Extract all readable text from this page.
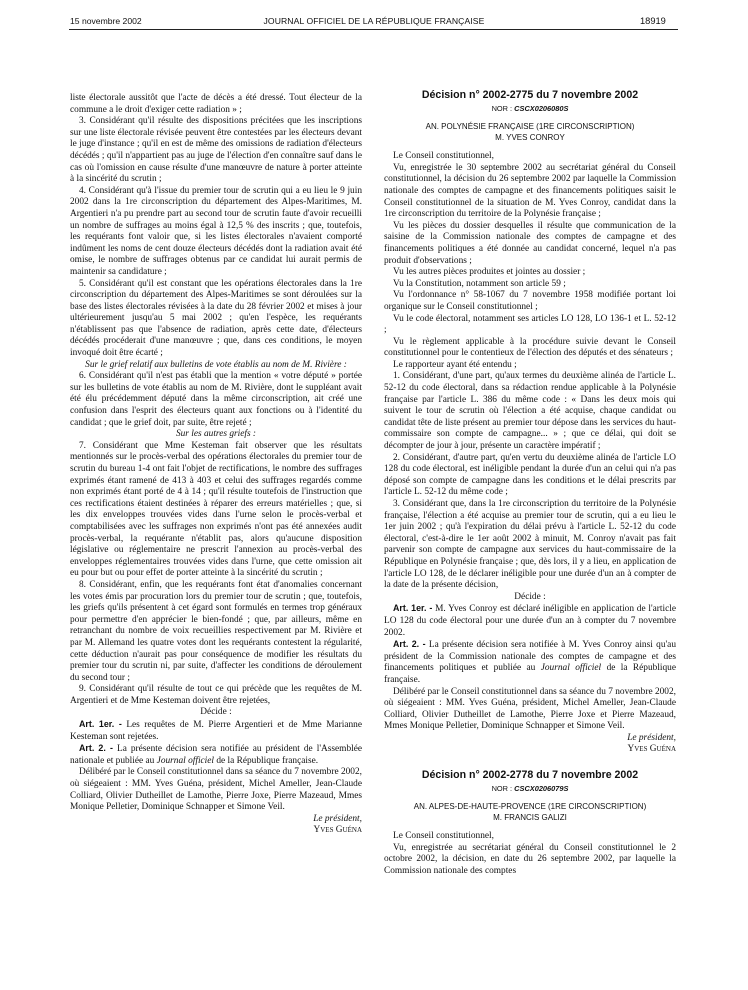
15 novembre 2002	JOURNAL OFFICIEL DE LA RÉPUBLIQUE FRANÇAISE	18919

liste électorale aussitôt que l'acte de décès a été dressé. Tout électeur de la commune a le droit d'exiger cette radiation » ;

3. Considérant qu'il résulte des dispositions précitées que les inscriptions sur une liste électorale révisée peuvent être contestées par les électeurs devant le juge d'instance ; qu'il en est de même des omissions de radiation d'électeurs décédés ; qu'il n'appartient pas au juge de l'élection d'en connaître sauf dans le cas où l'omission en cause résulte d'une manœuvre de nature à porter atteinte à la sincérité du scrutin ;

4. Considérant qu'à l'issue du premier tour de scrutin qui a eu lieu le 9 juin 2002 dans la 1re circonscription du département des Alpes-Maritimes, M. Argentieri n'a pu prendre part au second tour de scrutin faute d'avoir recueilli un nombre de suffrages au moins égal à 12,5 % des inscrits ; que, toutefois, les requérants font valoir que, si les listes électorales n'avaient comporté indûment les noms de cent douze électeurs décédés dont la radiation avait été omise, le nombre de suffrages obtenus par ce candidat lui aurait permis de maintenir sa candidature ;

5. Considérant qu'il est constant que les opérations électorales dans la 1re circonscription du département des Alpes-Maritimes se sont déroulées sur la base des listes électorales révisées à la date du 28 février 2002 et mises à jour ultérieurement jusqu'au 5 mai 2002 ; qu'en l'espèce, les requérants n'établissent pas que l'absence de radiation, après cette date, d'électeurs décédés procéderait d'une manœuvre ; que, dans ces conditions, le moyen invoqué doit être écarté ;

Sur le grief relatif aux bulletins de vote établis au nom de M. Rivière :

6. Considérant qu'il n'est pas établi que la mention « votre député » portée sur les bulletins de vote établis au nom de M. Rivière, dont le suppléant avait été élu précédemment député dans la même circonscription, ait créé une confusion dans l'esprit des électeurs quant aux fonctions ou à l'identité du candidat ; que le grief doit, par suite, être rejeté ;

Sur les autres griefs :

7. Considérant que Mme Kesteman fait observer que les résultats mentionnés sur le procès-verbal des opérations électorales du premier tour de scrutin du bureau 1-4 ont fait l'objet de rectifications, le nombre des suffrages exprimés étant ramené de 413 à 403 et celui des suffrages regardés comme non exprimés étant porté de 4 à 14 ; qu'il résulte toutefois de l'instruction que ces rectifications étaient destinées à réparer des erreurs matérielles ; que, si les dix enveloppes trouvées vides dans l'urne selon le procès-verbal et comptabilisées avec les suffrages non exprimés n'ont pas été annexées audit procès-verbal, la requérante n'établit pas, alors qu'aucune disposition législative ou réglementaire ne prescrit l'annexion au procès-verbal des enveloppes réglementaires trouvées vides dans l'urne, que cette omission ait eu pour but ou pour effet de porter atteinte à la sincérité du scrutin ;

8. Considérant, enfin, que les requérants font état d'anomalies concernant les votes émis par procuration lors du premier tour de scrutin ; que, toutefois, les griefs qu'ils présentent à cet égard sont formulés en termes trop généraux pour permettre d'en apprécier le bien-fondé ; que, par ailleurs, même en retranchant du nombre de voix recueillies respectivement par M. Rivière et par M. Allemand les quatre votes dont les requérants contestent la régularité, cette déduction n'aurait pas pour conséquence de modifier les résultats du premier tour du scrutin ni, par suite, d'affecter les conditions de déroulement du second tour ;

9. Considérant qu'il résulte de tout ce qui précède que les requêtes de M. Argentieri et de Mme Kesteman doivent être rejetées,

Décide :

Art. 1er. - Les requêtes de M. Pierre Argentieri et de Mme Marianne Kesteman sont rejetées.

Art. 2. - La présente décision sera notifiée au président de l'Assemblée nationale et publiée au Journal officiel de la République française.

Délibéré par le Conseil constitutionnel dans sa séance du 7 novembre 2002, où siégeaient : MM. Yves Guéna, président, Michel Ameller, Jean-Claude Colliard, Olivier Dutheillet de Lamothe, Pierre Joxe, Pierre Mazeaud, Mmes Monique Pelletier, Dominique Schnapper et Simone Veil.

Le président,

Yves Guéna

Décision n° 2002-2775 du 7 novembre 2002
NOR : CSCX0206080S
AN. POLYNÉSIE FRANÇAISE (1RE CIRCONSCRIPTION)
M. YVES CONROY

Le Conseil constitutionnel,

Vu, enregistrée le 30 septembre 2002 au secrétariat général du Conseil constitutionnel, la décision du 26 septembre 2002 par laquelle la Commission nationale des comptes de campagne et des financements politiques saisit le Conseil constitutionnel de la situation de M. Yves Conroy, candidat dans la 1re circonscription du territoire de la Polynésie française ;

Vu les pièces du dossier desquelles il résulte que communication de la saisine de la Commission nationale des comptes de campagne et des financements politiques a été donnée au candidat concerné, lequel n'a pas produit d'observations ;

Vu les autres pièces produites et jointes au dossier ;

Vu la Constitution, notamment son article 59 ;

Vu l'ordonnance n° 58-1067 du 7 novembre 1958 modifiée portant loi organique sur le Conseil constitutionnel ;

Vu le code électoral, notamment ses articles LO 128, LO 136-1 et L. 52-12 ;

Vu le règlement applicable à la procédure suivie devant le Conseil constitutionnel pour le contentieux de l'élection des députés et des sénateurs ;

Le rapporteur ayant été entendu ;

1. Considérant, d'une part, qu'aux termes du deuxième alinéa de l'article L. 52-12 du code électoral, dans sa rédaction rendue applicable à la Polynésie française par l'article L. 386 du même code : « Dans les deux mois qui suivent le tour de scrutin où l'élection a été acquise, chaque candidat ou candidat tête de liste présent au premier tour dépose dans les services du haut-commissaire son compte de campagne... » ; que ce délai, qui doit se décompter de jour à jour, présente un caractère impératif ;

2. Considérant, d'autre part, qu'en vertu du deuxième alinéa de l'article LO 128 du code électoral, est inéligible pendant la durée d'un an celui qui n'a pas déposé son compte de campagne dans les conditions et le délai prescrits par l'article L. 52-12 du même code ;

3. Considérant que, dans la 1re circonscription du territoire de la Polynésie française, l'élection a été acquise au premier tour de scrutin, qui a eu lieu le 1er juin 2002 ; qu'à l'expiration du délai prévu à l'article L. 52-12 du code électoral, c'est-à-dire le 1er août 2002 à minuit, M. Conroy n'avait pas fait parvenir son compte de campagne aux services du haut-commissaire de la République en Polynésie française ; que, dès lors, il y a lieu, en application de l'article LO 128, de le déclarer inéligible pour une durée d'un an à compter de la date de la présente décision,

Décide :

Art. 1er. - M. Yves Conroy est déclaré inéligible en application de l'article LO 128 du code électoral pour une durée d'un an à compter du 7 novembre 2002.

Art. 2. - La présente décision sera notifiée à M. Yves Conroy ainsi qu'au président de la Commission nationale des comptes de campagne et des financements politiques et publiée au Journal officiel de la République française.

Délibéré par le Conseil constitutionnel dans sa séance du 7 novembre 2002, où siégeaient : MM. Yves Guéna, président, Michel Ameller, Jean-Claude Colliard, Olivier Dutheillet de Lamothe, Pierre Joxe et Pierre Mazeaud, Mmes Monique Pelletier, Dominique Schnapper et Simone Veil.

Le président,

Yves Guéna

Décision n° 2002-2778 du 7 novembre 2002
NOR : CSCX0206079S
AN. ALPES-DE-HAUTE-PROVENCE (1RE CIRCONSCRIPTION)
M. FRANCIS GALIZI

Le Conseil constitutionnel,

Vu, enregistrée au secrétariat général du Conseil constitutionnel le 2 octobre 2002, la décision, en date du 26 septembre 2002, par laquelle la Commission nationale des comptes
